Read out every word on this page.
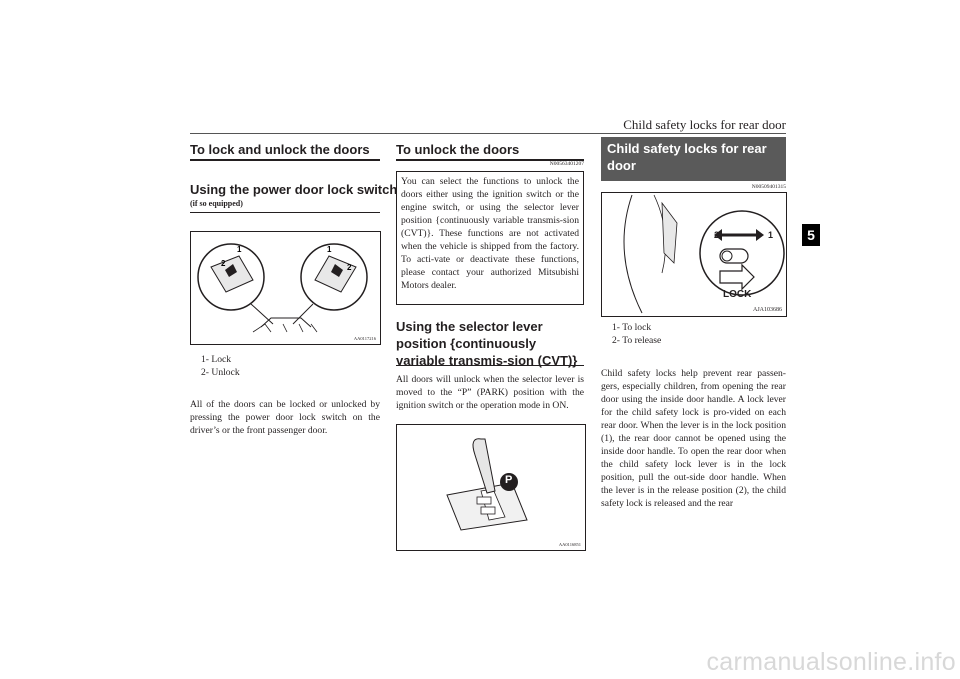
Child safety locks for rear door

5
To lock and unlock the doors
Using the power door lock switch
(if so equipped)
1
2
1
2
AA0117216
1- Lock
2- Unlock
All of the doors can be locked or unlocked by pressing the power door lock switch on the driver’s or the front passenger door.
To unlock the doors
N00563401207
You can select the functions to unlock the doors either using the ignition switch or the engine switch, or using the selector lever position {continuously variable transmis-sion (CVT)}. These functions are not activated when the vehicle is shipped from the factory. To acti-vate or deactivate these functions, please contact your authorized Mitsubishi Motors dealer.
Using the selector lever position {continuously variable transmis-sion (CVT)}
All doors will unlock when the selector lever is moved to the “P” (PARK) position with the ignition switch or the operation mode in ON.
P
AA0116851
Child safety locks for rear door
N00509401315
2	1
LOCK
AJA103686
1- To lock
2- To release
Child safety locks help prevent rear passen-gers, especially children, from opening the rear door using the inside door handle. A lock lever for the child safety lock is pro-vided on each rear door. When the lever is in the lock position (1), the rear door cannot be opened using the inside door handle. To open the rear door when the child safety lock lever is in the lock position, pull the out-side door handle. When the lever is in the release position (2), the child safety lock is released and the rear
carmanualsonline.info
